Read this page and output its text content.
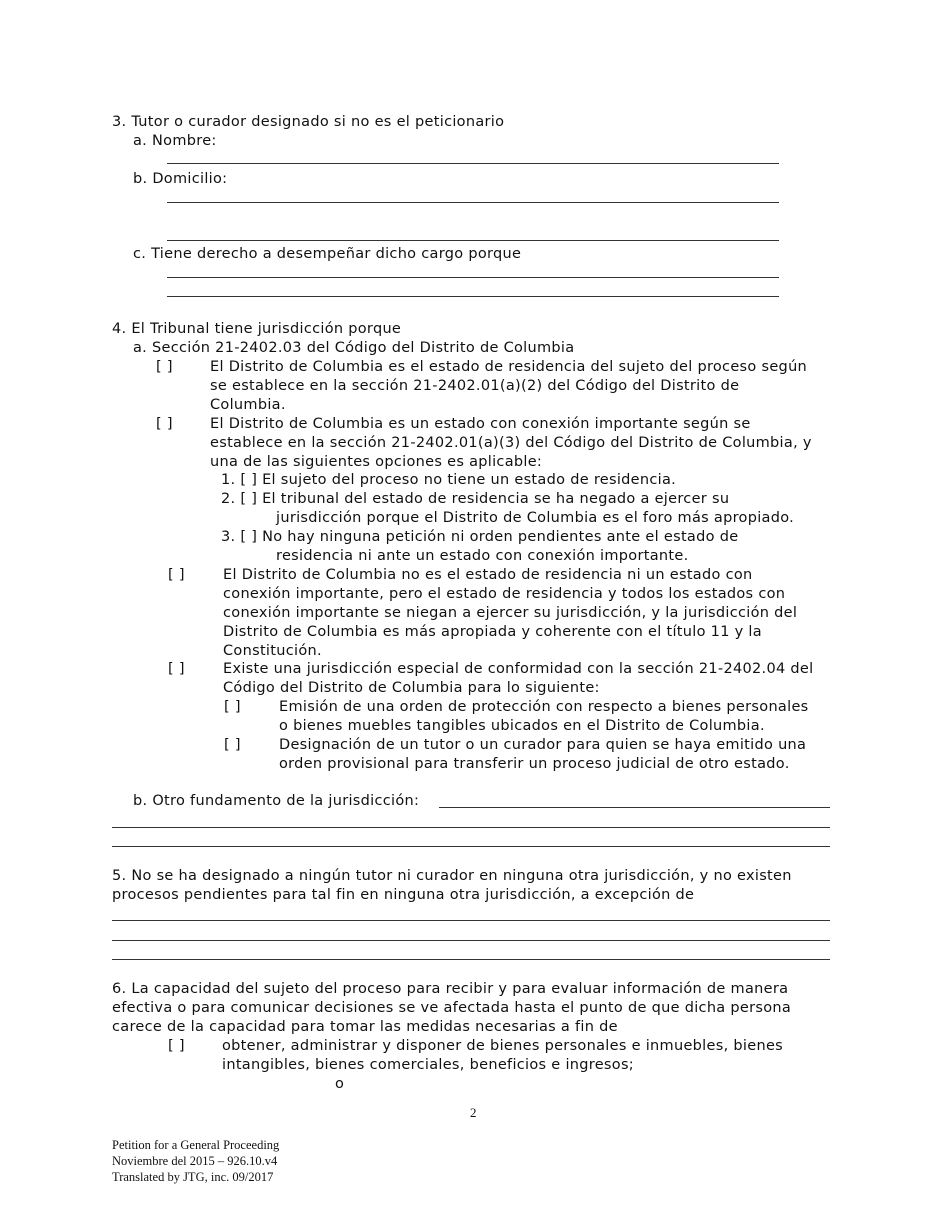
3. Tutor o curador designado si no es el peticionario
a. Nombre:
b. Domicilio:
c. Tiene derecho a desempeñar dicho cargo porque
4. El Tribunal tiene jurisdicción porque
a. Sección 21-2402.03 del Código del Distrito de Columbia
[ ]	El Distrito de Columbia es el estado de residencia del sujeto del proceso según
se establece en la sección 21-2402.01(a)(2) del Código del Distrito de
Columbia.
[ ]	El Distrito de Columbia es un estado con conexión importante según se
establece en la sección 21-2402.01(a)(3) del Código del Distrito de Columbia, y
una de las siguientes opciones es aplicable:
1. [ ] El sujeto del proceso no tiene un estado de residencia.
2. [ ] El tribunal del estado de residencia se ha negado a ejercer su
jurisdicción porque el Distrito de Columbia es el foro más apropiado.
3. [ ] No hay ninguna petición ni orden pendientes ante el estado de
residencia ni ante un estado con conexión importante.
[ ]	El Distrito de Columbia no es el estado de residencia ni un estado con
conexión importante, pero el estado de residencia y todos los estados con
conexión importante se niegan a ejercer su jurisdicción, y la jurisdicción del
Distrito de Columbia es más apropiada y coherente con el título 11 y la
Constitución.
[ ]	Existe una jurisdicción especial de conformidad con la sección 21-2402.04 del
Código del Distrito de Columbia para lo siguiente:
[ ]	Emisión de una orden de protección con respecto a bienes personales
o bienes muebles tangibles ubicados en el Distrito de Columbia.
[ ]	Designación de un tutor o un curador para quien se haya emitido una
orden provisional para transferir un proceso judicial de otro estado.
b. Otro fundamento de la jurisdicción:
5. No se ha designado a ningún tutor ni curador en ninguna otra jurisdicción, y no existen
procesos pendientes para tal fin en ninguna otra jurisdicción, a excepción de
6. La capacidad del sujeto del proceso para recibir y para evaluar información de manera
efectiva o para comunicar decisiones se ve afectada hasta el punto de que dicha persona
carece de la capacidad para tomar las medidas necesarias a fin de
[ ]	obtener, administrar y disponer de bienes personales e inmuebles, bienes
intangibles, bienes comerciales, beneficios e ingresos;
o
2
Petition for a General Proceeding
Noviembre del 2015 – 926.10.v4
Translated by JTG, inc. 09/2017
